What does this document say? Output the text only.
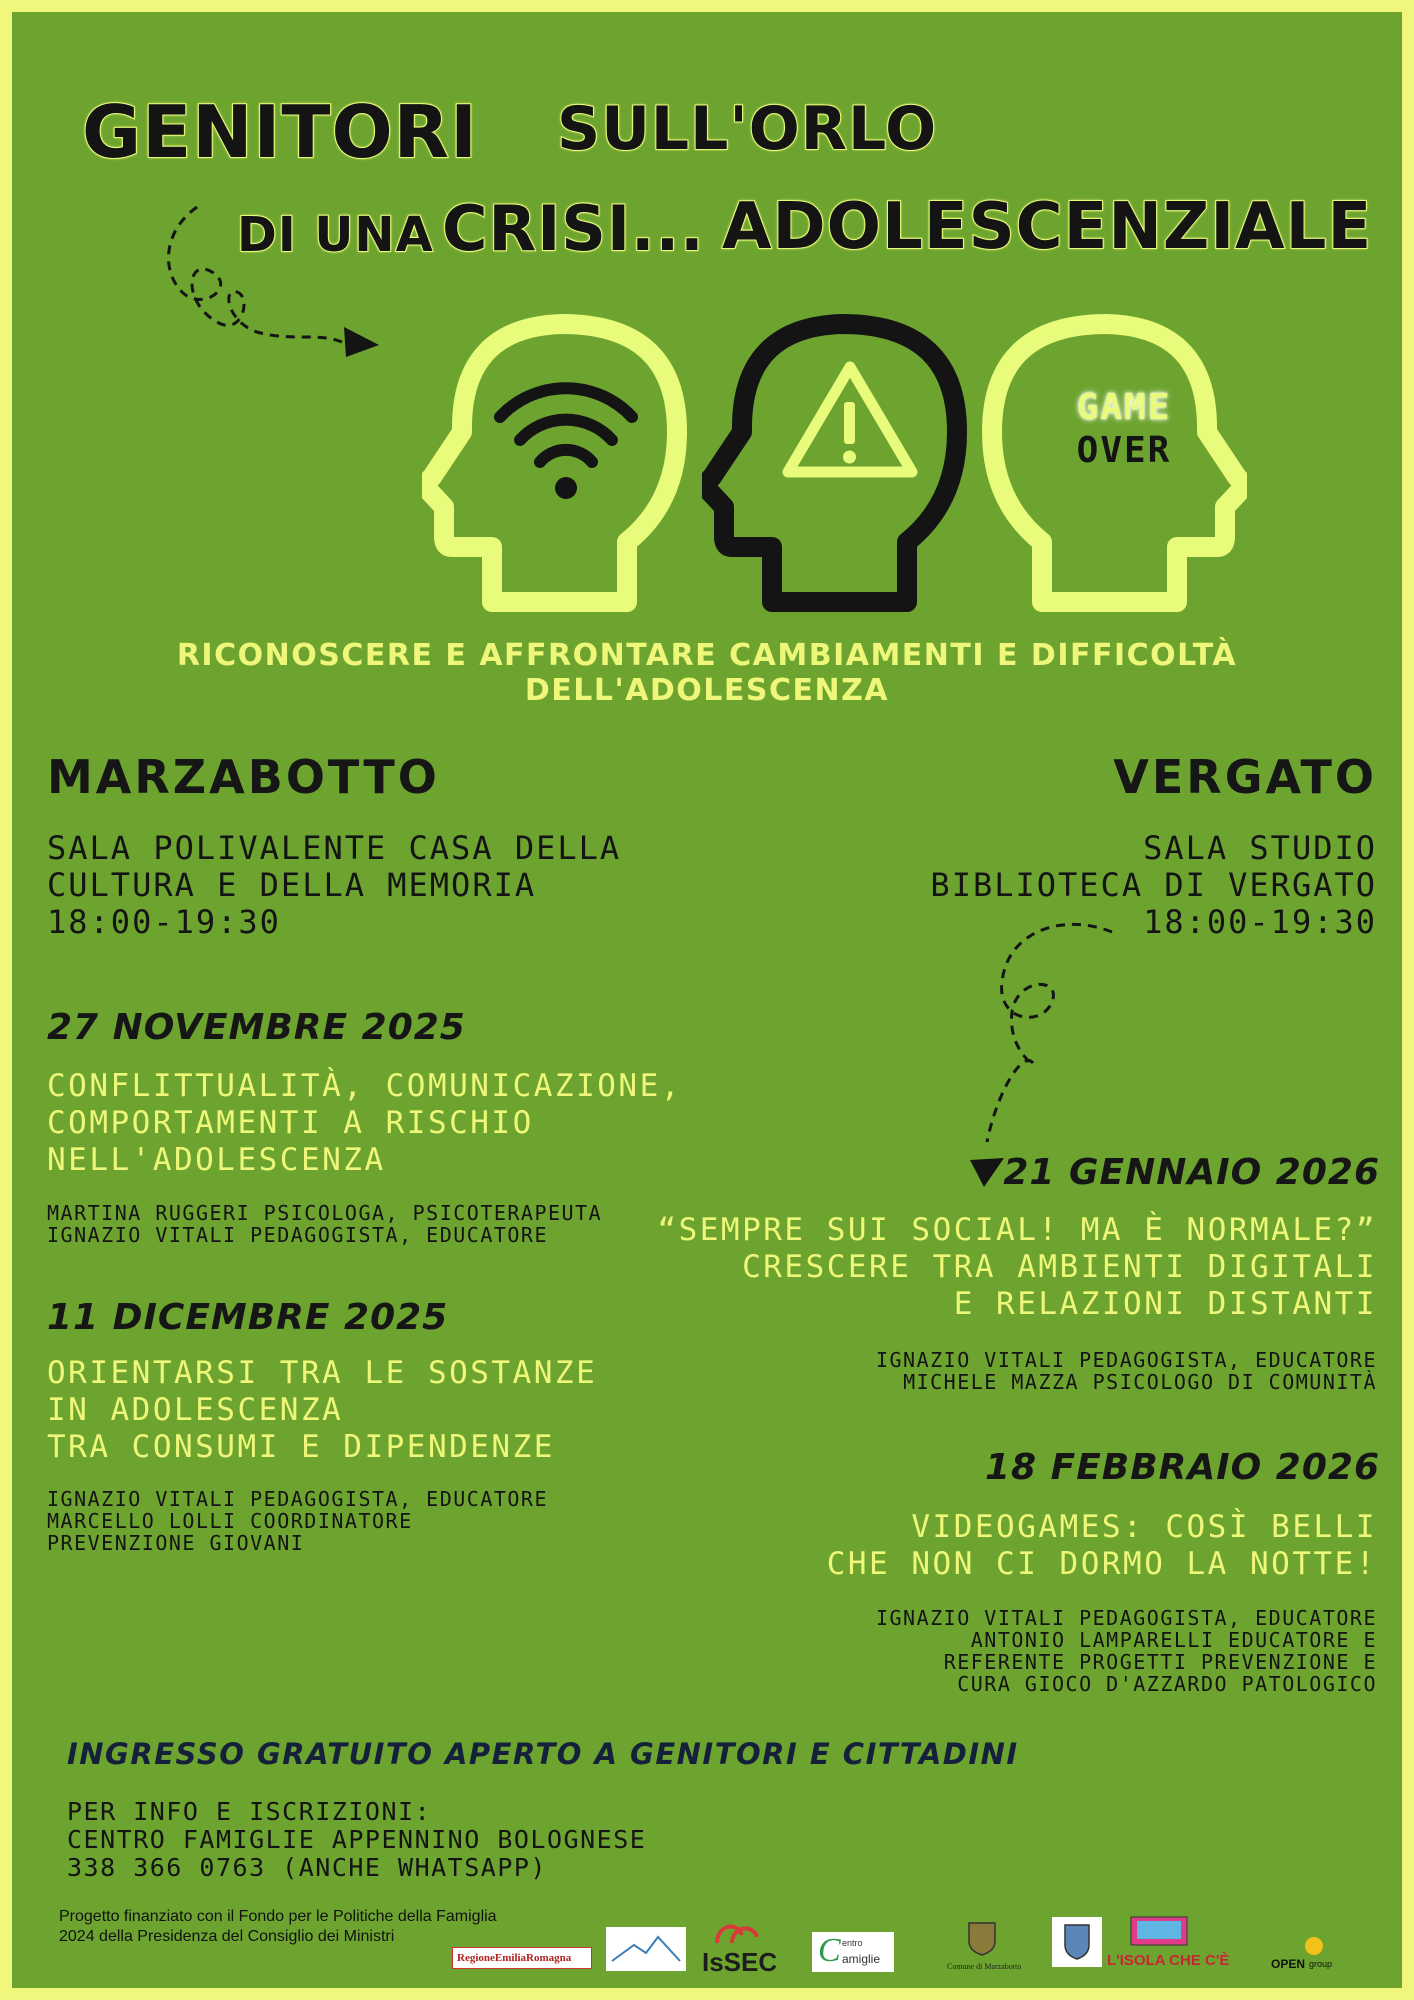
GENITORI SULL'ORLO
DI UNA CRISI... ADOLESCENZIALE
GAME
OVER
RICONOSCERE E AFFRONTARE CAMBIAMENTI E DIFFICOLTÀ DELL'ADOLESCENZA
MARZABOTTO
SALA POLIVALENTE CASA DELLA
CULTURA E DELLA MEMORIA
18:00-19:30
VERGATO
SALA STUDIO
BIBLIOTECA DI VERGATO
18:00-19:30
27 NOVEMBRE 2025
CONFLITTUALITÀ, COMUNICAZIONE,
COMPORTAMENTI A RISCHIO
NELL'ADOLESCENZA
MARTINA RUGGERI PSICOLOGA, PSICOTERAPEUTA
IGNAZIO VITALI PEDAGOGISTA, EDUCATORE
11 DICEMBRE 2025
ORIENTARSI TRA LE SOSTANZE
IN ADOLESCENZA
TRA CONSUMI E DIPENDENZE
IGNAZIO VITALI PEDAGOGISTA, EDUCATORE
MARCELLO LOLLI COORDINATORE
PREVENZIONE GIOVANI
21 GENNAIO 2026
“SEMPRE SUI SOCIAL! MA È NORMALE?”
CRESCERE TRA AMBIENTI DIGITALI
E RELAZIONI DISTANTI
IGNAZIO VITALI PEDAGOGISTA, EDUCATORE
MICHELE MAZZA PSICOLOGO DI COMUNITÀ
18 FEBBRAIO 2026
VIDEOGAMES: COSÌ BELLI
CHE NON CI DORMO LA NOTTE!
IGNAZIO VITALI PEDAGOGISTA, EDUCATORE
ANTONIO LAMPARELLI EDUCATORE E
REFERENTE PROGETTI PREVENZIONE E
CURA GIOCO D'AZZARDO PATOLOGICO
INGRESSO GRATUITO APERTO A GENITORI E CITTADINI
PER INFO E ISCRIZIONI:
CENTRO FAMIGLIE APPENNINO BOLOGNESE
338 366 0763 (ANCHE WHATSAPP)
Progetto finanziato con il Fondo per le Politiche della Famiglia
2024 della Presidenza del Consiglio dei Ministri
RegioneEmiliaRomagna	IsSEC C entro
amiglie
Comune di Marzabotto	L'ISOLA CHE C'È	OPEN group
